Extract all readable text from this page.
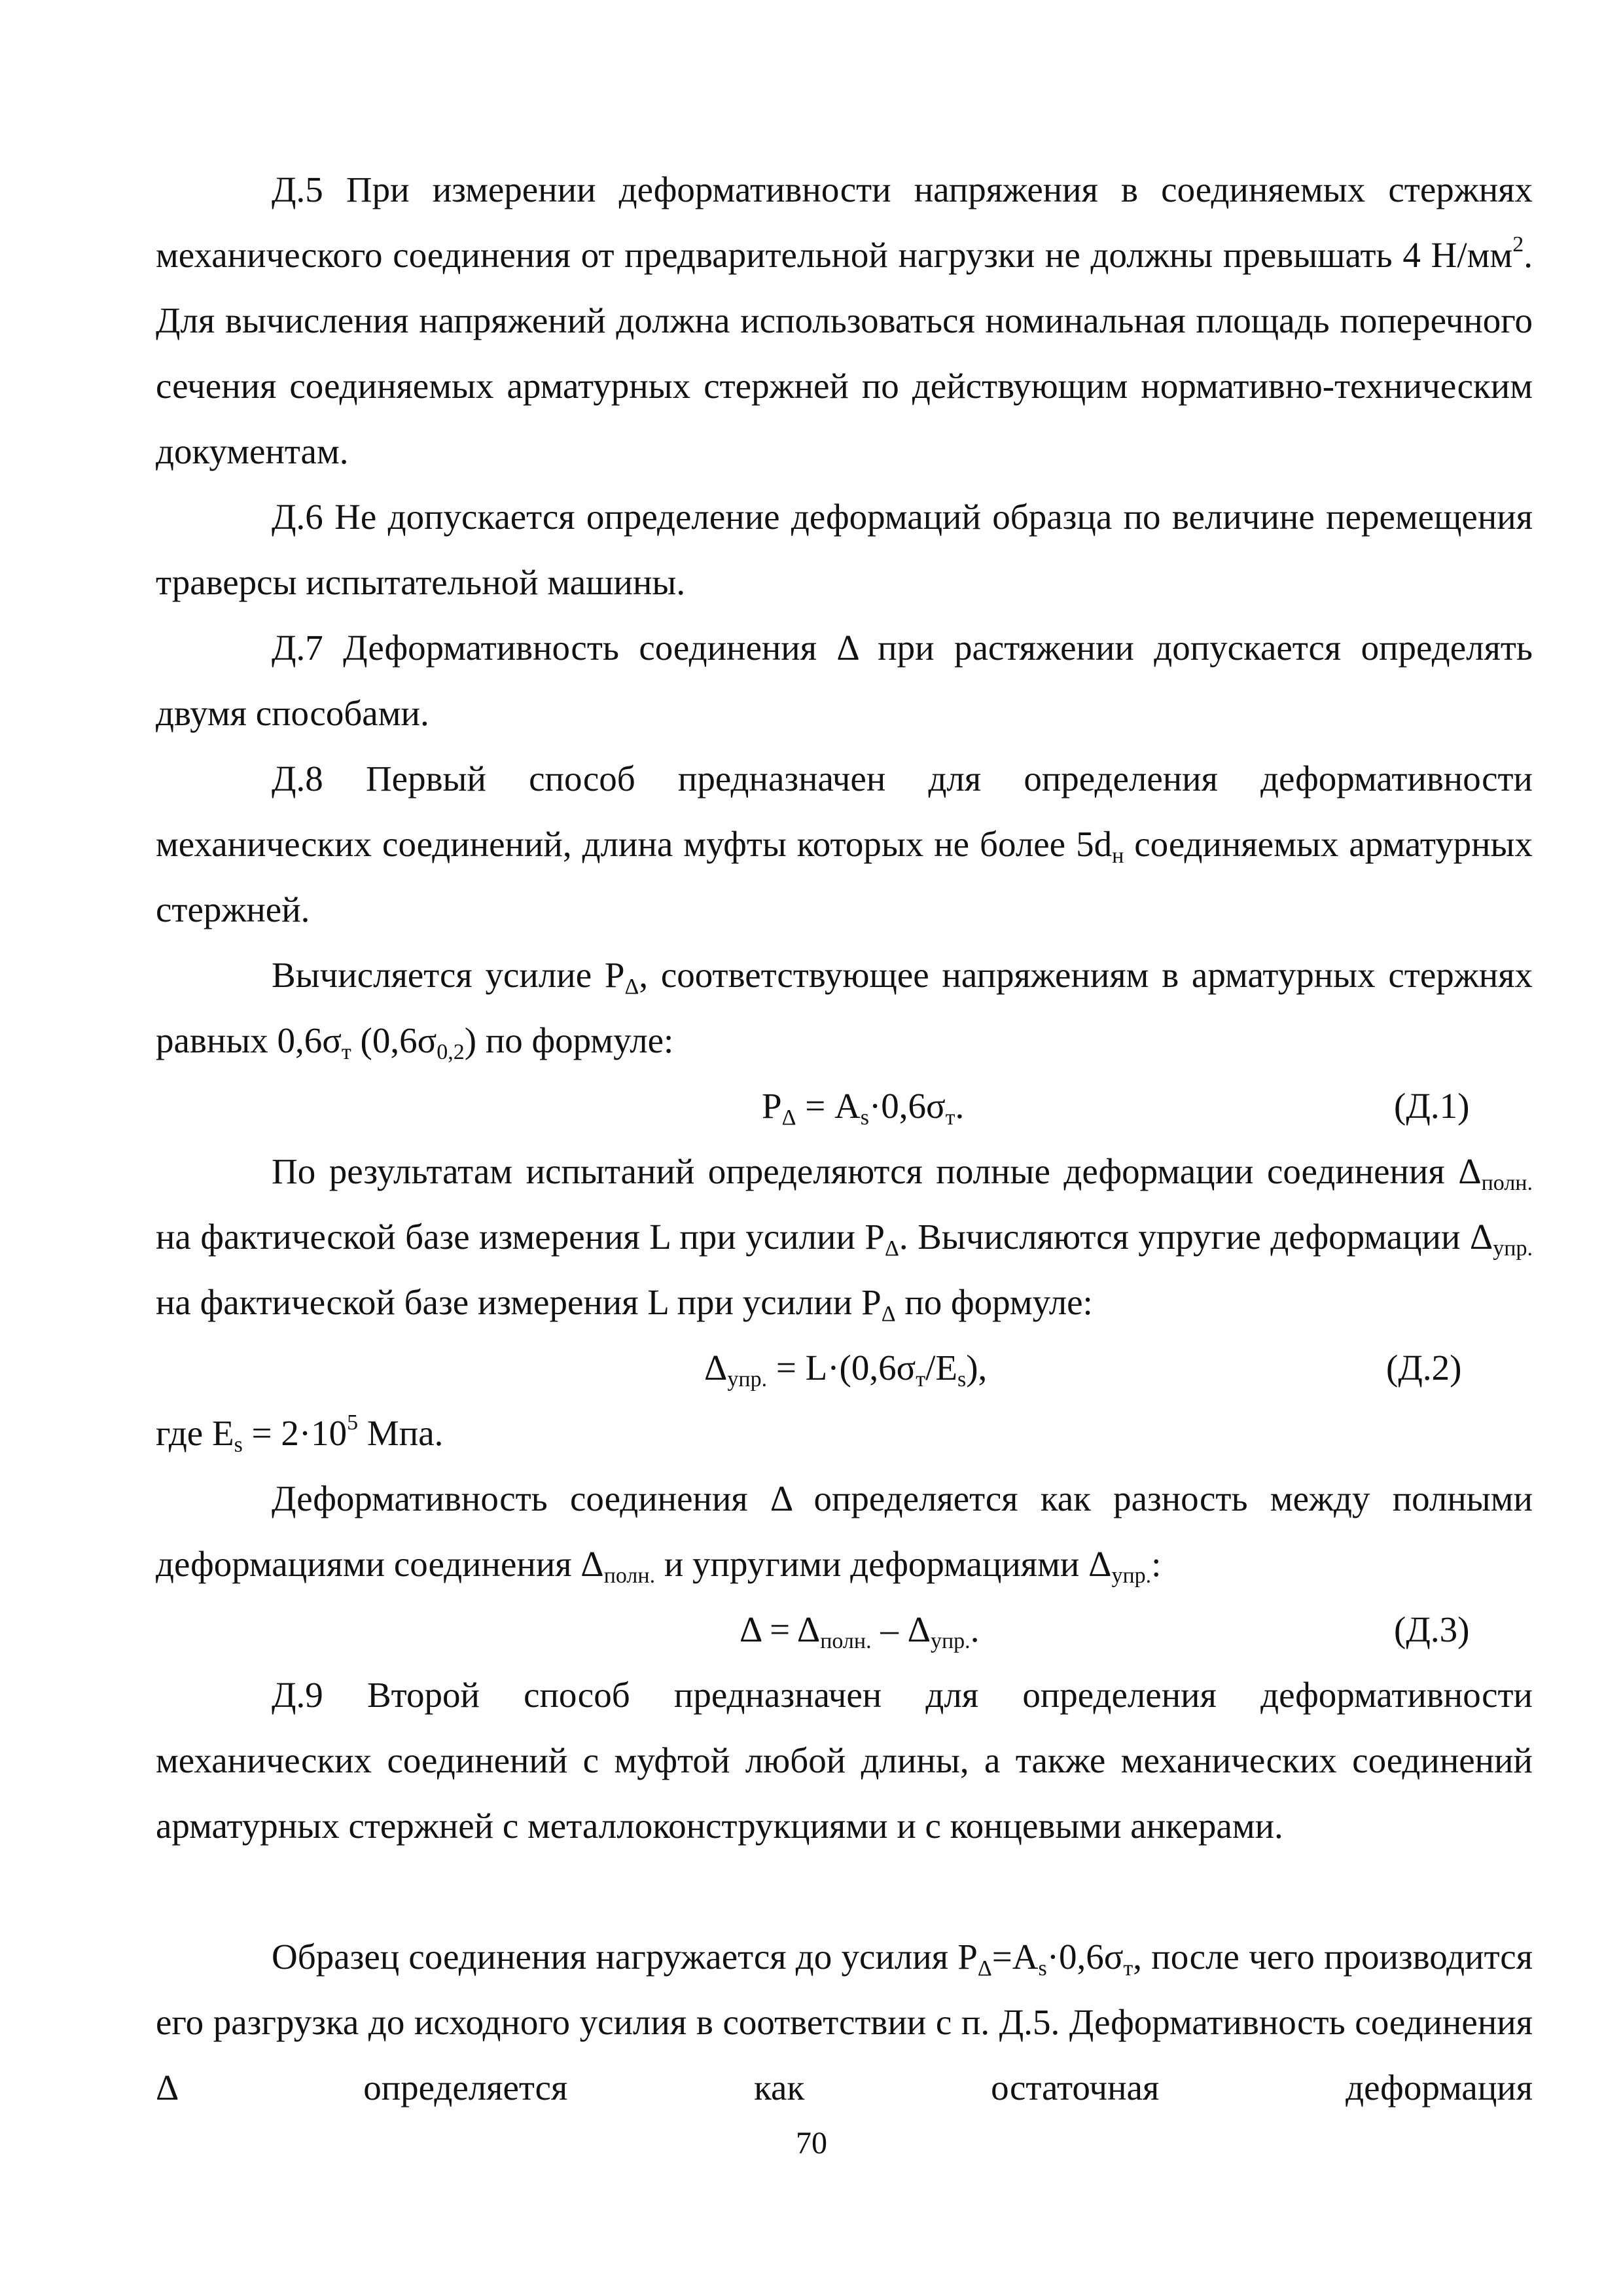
Д.5 При измерении деформативности напряжения в соединяемых стержнях механического соединения от предварительной нагрузки не должны превышать 4 $Н/мм^2$. Для вычисления напряжений должна использоваться номинальная площадь поперечного сечения соединяемых арматурных стержней по действующим нормативно-техническим документам.

Д.6 Не допускается определение деформаций образца по величине перемещения траверсы испытательной машины.

Д.7 Деформативность соединения Δ при растяжении допускается определять двумя способами.

Д.8 Первый способ предназначен для определения деформативности механических соединений, длина муфты которых не более $5d_н$ соединяемых арматурных стержней.

Вычисляется усилие $P_\Delta$, соответствующее напряжениям в арматурных стержнях равных $0,6\sigma_т$ $(0,6\sigma_{0,2})$ по формуле:

$P_\Delta = A_s\cdot 0,6\sigma_т$.	(Д.1)

По результатам испытаний определяются полные деформации соединения $\Delta_{полн.}$ на фактической базе измерения L при усилии $P_\Delta$. Вычисляются упругие деформации $\Delta_{упр.}$ на фактической базе измерения L при усилии $P_\Delta$ по формуле:

$\Delta_{упр.} = L\cdot(0,6\sigma_т/E_s)$,	(Д.2)

где $E_s = 2\cdot 10^5$ Мпа.

Деформативность соединения Δ определяется как разность между полными деформациями соединения $\Delta_{полн.}$ и упругими деформациями $\Delta_{упр.}$:

$\Delta = \Delta_{полн.} - \Delta_{упр.}$.	(Д.3)

Д.9 Второй способ предназначен для определения деформативности механических соединений с муфтой любой длины, а также механических соединений арматурных стержней с металлоконструкциями и с концевыми анкерами.

Образец соединения нагружается до усилия $P_\Delta=A_s\cdot 0,6\sigma_т$, после чего производится его разгрузка до исходного усилия в соответствии с п. Д.5. Деформативность соединения Δ определяется как остаточная деформация

70
